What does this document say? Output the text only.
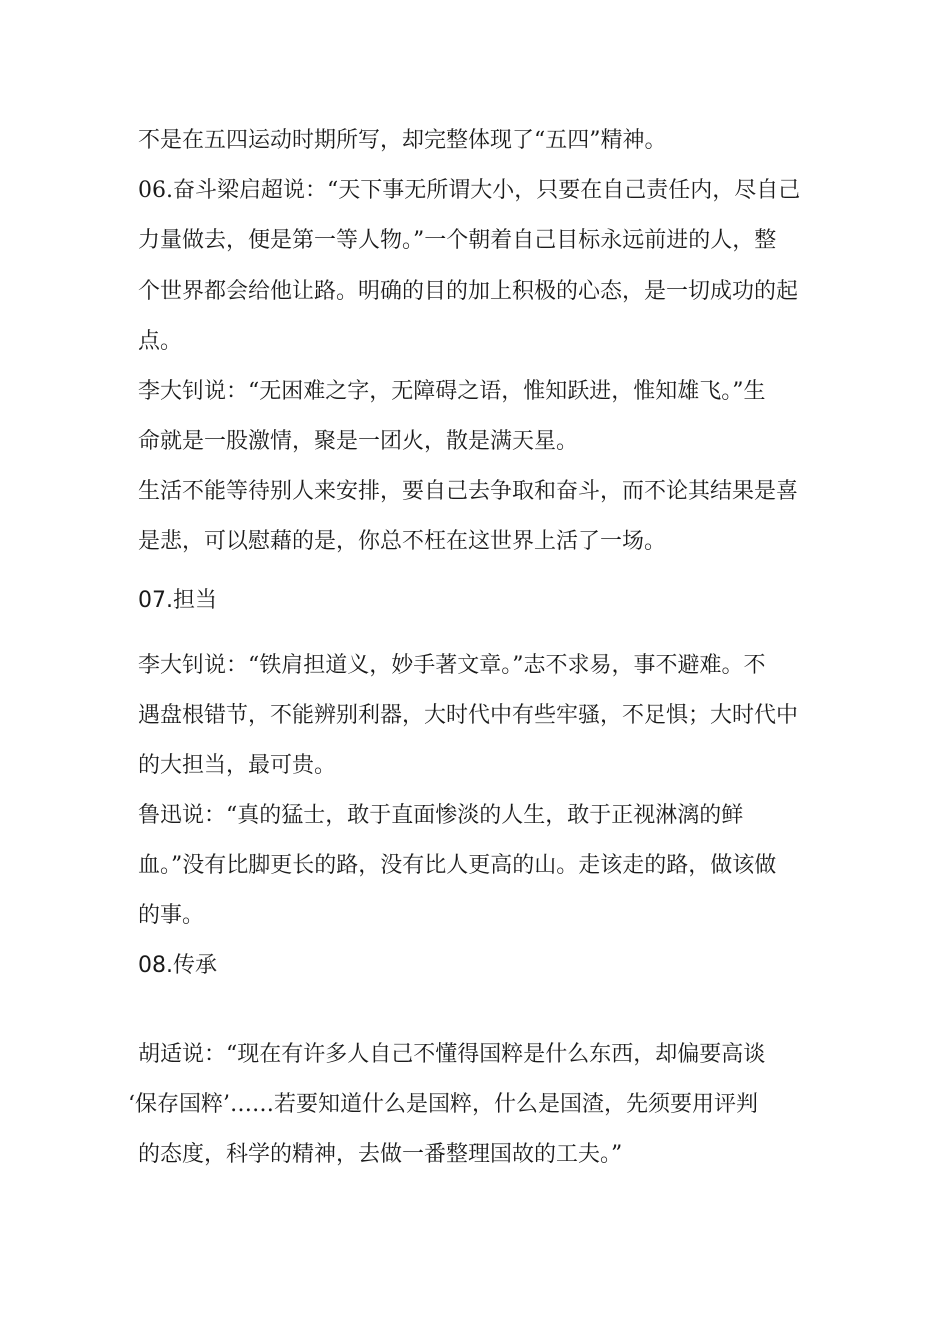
不是在五四运动时期所写，却完整体现了“五四”精神。

06.奋斗梁启超说：“天下事无所谓大小，只要在自己责任内，尽自己

力量做去，便是第一等人物。”一个朝着自己目标永远前进的人，整

个世界都会给他让路。明确的目的加上积极的心态，是一切成功的起

点。

李大钊说：“无困难之字，无障碍之语，惟知跃进，惟知雄飞。”生

命就是一股激情，聚是一团火，散是满天星。

生活不能等待别人来安排，要自己去争取和奋斗，而不论其结果是喜

是悲，可以慰藉的是，你总不枉在这世界上活了一场。

07.担当

李大钊说：“铁肩担道义，妙手著文章。”志不求易，事不避难。不

遇盘根错节，不能辨别利器，大时代中有些牢骚，不足惧；大时代中

的大担当，最可贵。

鲁迅说：“真的猛士，敢于直面惨淡的人生，敢于正视淋漓的鲜

血。”没有比脚更长的路，没有比人更高的山。走该走的路，做该做

的事。

08.传承

胡适说：“现在有许多人自己不懂得国粹是什么东西，却偏要高谈

‘保存国粹’……若要知道什么是国粹，什么是国渣，先须要用评判

的态度，科学的精神，去做一番整理国故的工夫。”
